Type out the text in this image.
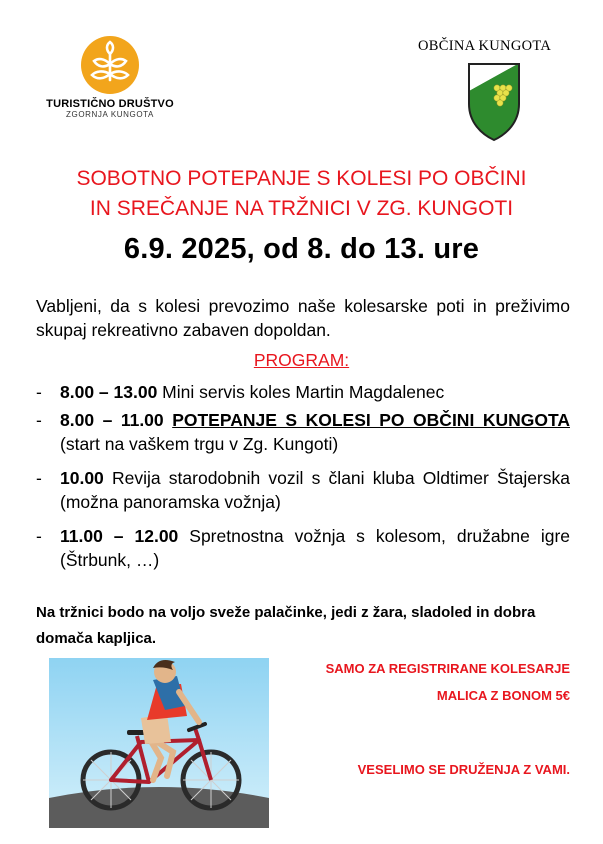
TURISTIČNO DRUŠTVO
ZGORNJA KUNGOTA
OBČINA KUNGOTA
SOBOTNO POTEPANJE S KOLESI PO OBČINI
IN SREČANJE NA TRŽNICI V ZG. KUNGOTI
6.9. 2025, od 8. do 13. ure
Vabljeni, da s kolesi prevozimo naše kolesarske poti in preživimo skupaj rekreativno zabaven dopoldan.
PROGRAM:
- 8.00 – 13.00 Mini servis koles Martin Magdalenec
- 8.00 – 11.00 POTEPANJE S KOLESI PO OBČINI KUNGOTA (start na vaškem trgu v Zg. Kungoti)
- 10.00 Revija starodobnih vozil s člani kluba Oldtimer Štajerska (možna panoramska vožnja)
- 11.00 – 12.00 Spretnostna vožnja s kolesom, družabne igre (Štrbunk, …)
Na tržnici bodo na voljo sveže palačinke, jedi z žara, sladoled in dobra domača kapljica.
SAMO ZA REGISTRIRANE KOLESARJE
MALICA Z BONOM 5€
VESELIMO SE DRUŽENJA Z VAMI.
